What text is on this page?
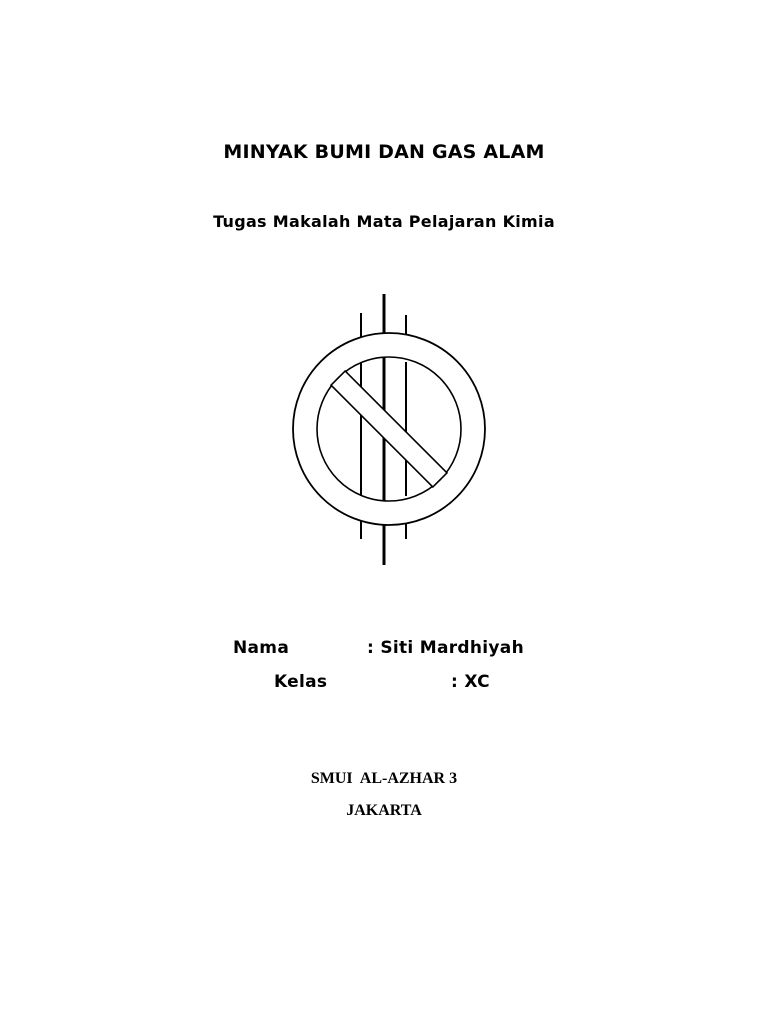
MINYAK BUMI DAN GAS ALAM
Tugas Makalah Mata Pelajaran Kimia
Nama	: Siti Mardhiyah
Kelas	: XC
SMUI  AL-AZHAR 3
JAKARTA
